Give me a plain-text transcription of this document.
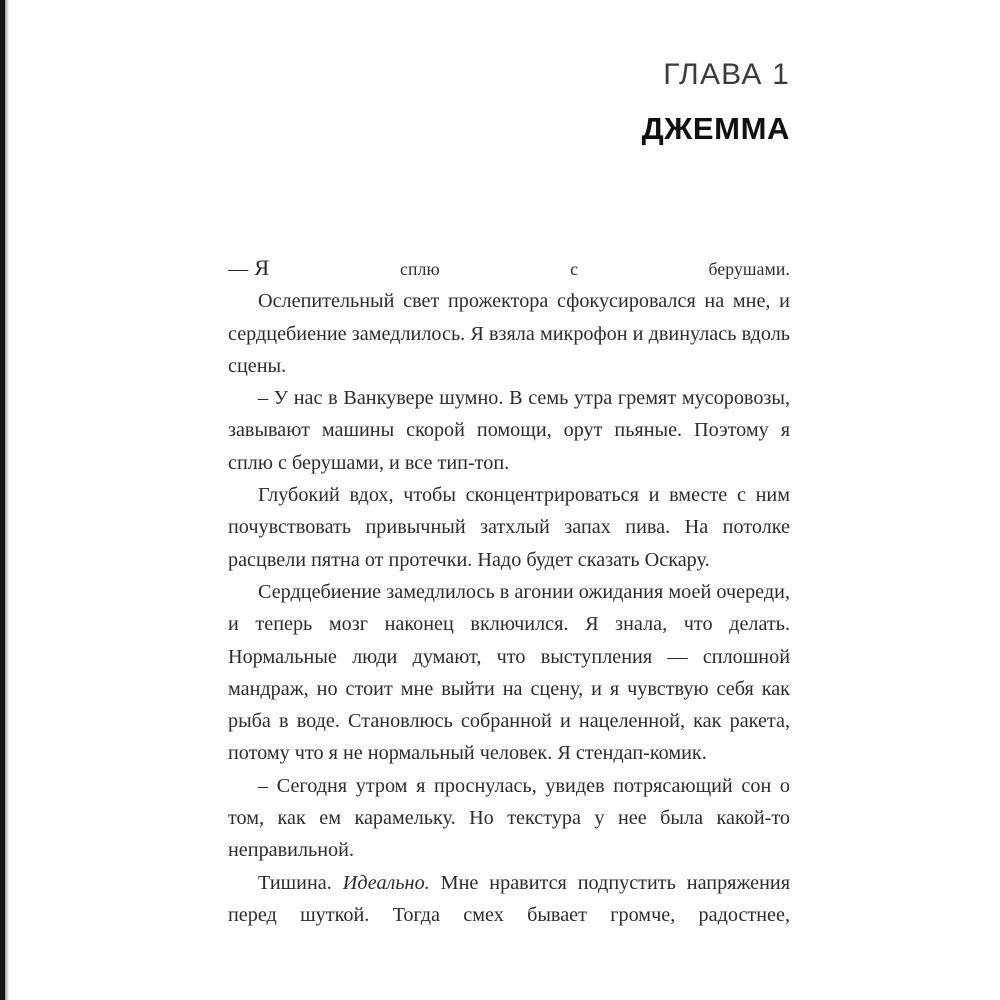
ГЛАВА 1
ДЖЕММА

— Я	сплю с берушами.

Ослепительный свет прожектора сфокусировался на мне, и сердцебиение замедлилось. Я взяла микрофон и двинулась вдоль сцены.

– У нас в Ванкувере шумно. В семь утра гремят мусоровозы, завывают машины скорой помощи, орут пьяные. Поэтому я сплю с берушами, и все тип-топ.

Глубокий вдох, чтобы сконцентрироваться и вместе с ним почувствовать привычный затхлый запах пива. На потолке расцвели пятна от протечки. Надо будет сказать Оскару.

Сердцебиение замедлилось в агонии ожидания моей очереди, и теперь мозг наконец включился. Я знала, что делать. Нормальные люди думают, что выступления — сплошной мандраж, но стоит мне выйти на сцену, и я чувствую себя как рыба в воде. Становлюсь собранной и нацеленной, как ракета, потому что я не нормальный человек. Я стендап-комик.

– Сегодня утром я проснулась, увидев потрясающий сон о том, как ем карамельку. Но текстура у нее была какой-то неправильной.

Тишина. Идеально. Мне нравится подпустить напряжения перед шуткой. Тогда смех бывает громче, радостнее,
